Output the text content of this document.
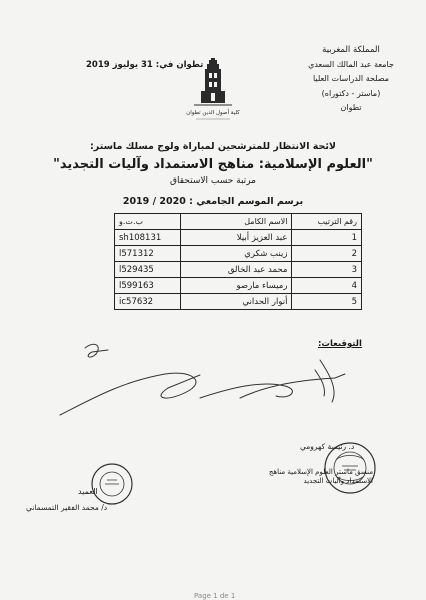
المملكة المغربية
جامعة عبد المالك السعدي
مصلحة الدراسات العليا
(ماستر - دكتوراه)
تطوان
تطوان في: 31 يوليوز 2019
كلية أصول الدين تطوان
لائحة الانتظار للمترشحين لمباراة ولوج مسلك ماستر:
"العلوم الإسلامية: مناهج الاستمداد وآليات التجديد"
مرتبة حسب الاستحقاق
برسم الموسم الجامعي : 2020 / 2019
ب.ت.و	الاسم الكامل	رقم الترتيب
sh108131	عبد العزيز أبيلا	1
l571312	زينب شكري	2
l529435	محمد عبد الخالق	3
l599163	رميساء مارصو	4
ic57632	أنوار الحداني	5
التوقيعات:
د. رئيسة كهرومي
منسق ماستر العلوم الإسلامية مناهج الاستمداد وآليات التجديد
العميد
د/ محمد الفقير التمسماني
Page 1 de 1
